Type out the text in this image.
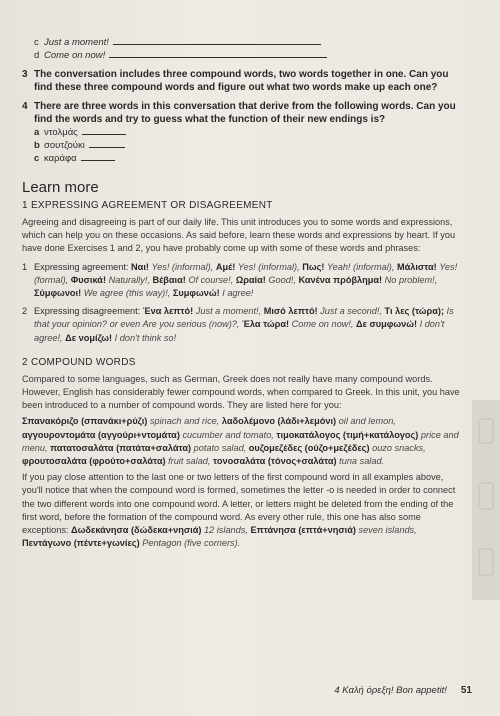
c Just a moment!
d Come on now!
3 The conversation includes three compound words, two words together in one. Can you find these three compound words and figure out what two words make up each one?
4 There are three words in this conversation that derive from the following words. Can you find the words and try to guess what the function of their new endings is?
a ντολμάς
b σουτζούκι
c καράφα
Learn more
1 EXPRESSING AGREEMENT OR DISAGREEMENT
Agreeing and disagreeing is part of our daily life. This unit introduces you to some words and expressions, which can help you on these occasions. As said before, learn these words and expressions by heart. If you have done Exercises 1 and 2, you have probably come up with some of these words and phrases:
1 Expressing agreement: Ναι! Yes! (informal), Αμέ! Yes! (informal), Πως! Yeah! (informal), Μάλιστα! Yes! (formal), Φυσικά! Naturally!, Βέβαια! Of course!, Ωραία! Good!, Κανένα πρόβλημα! No problem!, Σύμφωνοι! We agree (this way)!, Συμφωνώ! I agree!
2 Expressing disagreement: Ένα λεπτό! Just a moment!, Μισό λεπτό! Just a second!, Τι λες (τώρα); Is that your opinion? or even Are you serious (now)?, Έλα τώρα! Come on now!, Δε συμφωνώ! I don't agree!, Δε νομίζω! I don't think so!
2 COMPOUND WORDS
Compared to some languages, such as German, Greek does not really have many compound words. However, English has considerably fewer compound words, when compared to Greek. In this unit, you have been introduced to a number of compound words. They are listed here for you:
Σπανακόριζο (σπανάκι+ρύζι) spinach and rice, λαδολέμονο (λάδι+λεμόνι) oil and lemon, αγγουροντομάτα (αγγούρι+ντομάτα) cucumber and tomato, τιμοκατάλογος (τιμή+κατάλογος) price and menu, πατατοσαλάτα (πατάτα+σαλάτα) potato salad, ουζομεζέδες (ούζο+μεζέδες) ouzo snacks, φρουτοσαλάτα (φρούτο+σαλάτα) fruit salad, τονοσαλάτα (τόνος+σαλάτα) tuna salad.
If you pay close attention to the last one or two letters of the first compound word in all examples above, you'll notice that when the compound word is formed, sometimes the letter -ο is needed in order to connect the two different words into one compound word. A letter, or letters might be deleted from the ending of the first word, before the formation of the compound word. As every other rule, this one has also some exceptions: Δωδεκάνησα (δώδεκα+νησιά) 12 islands, Επτάνησα (επτά+νησιά) seven islands, Πεντάγωνο (πέντε+γωνίες) Pentagon (five corners).
4 Καλή όρεξη! Bon appetit! 51
